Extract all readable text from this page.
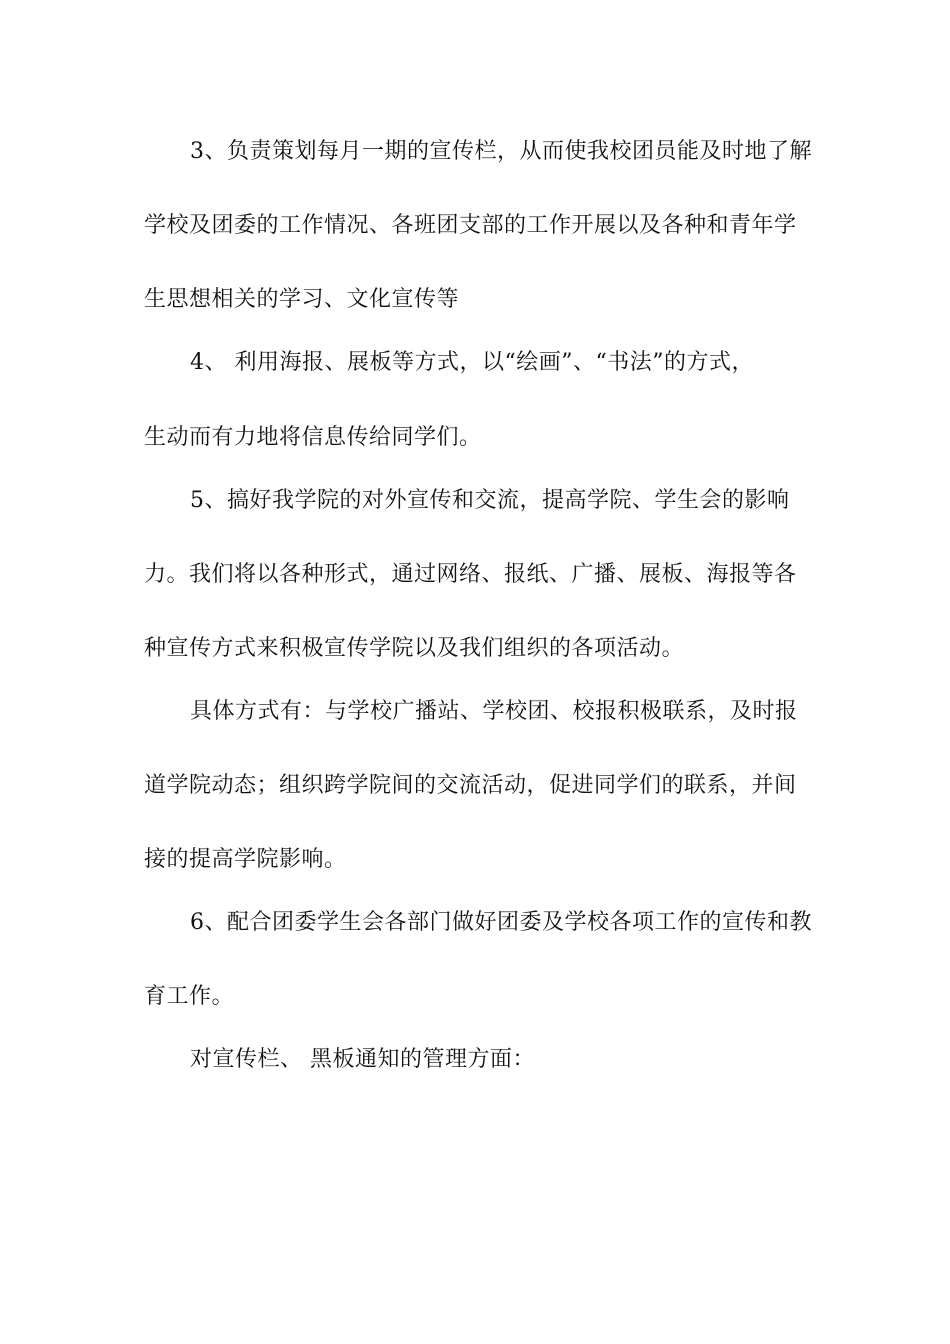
3、负责策划每月一期的宣传栏，从而使我校团员能及时地了解
学校及团委的工作情况、各班团支部的工作开展以及各种和青年学
生思想相关的学习、文化宣传等
4、 利用海报、展板等方式，以“绘画”、“书法”的方式，
生动而有力地将信息传给同学们。
5、搞好我学院的对外宣传和交流，提高学院、学生会的影响
力。我们将以各种形式，通过网络、报纸、广播、展板、海报等各
种宣传方式来积极宣传学院以及我们组织的各项活动。
具体方式有：与学校广播站、学校团、校报积极联系，及时报
道学院动态；组织跨学院间的交流活动，促进同学们的联系，并间
接的提高学院影响。
6、配合团委学生会各部门做好团委及学校各项工作的宣传和教
育工作。
对宣传栏、 黑板通知的管理方面：
